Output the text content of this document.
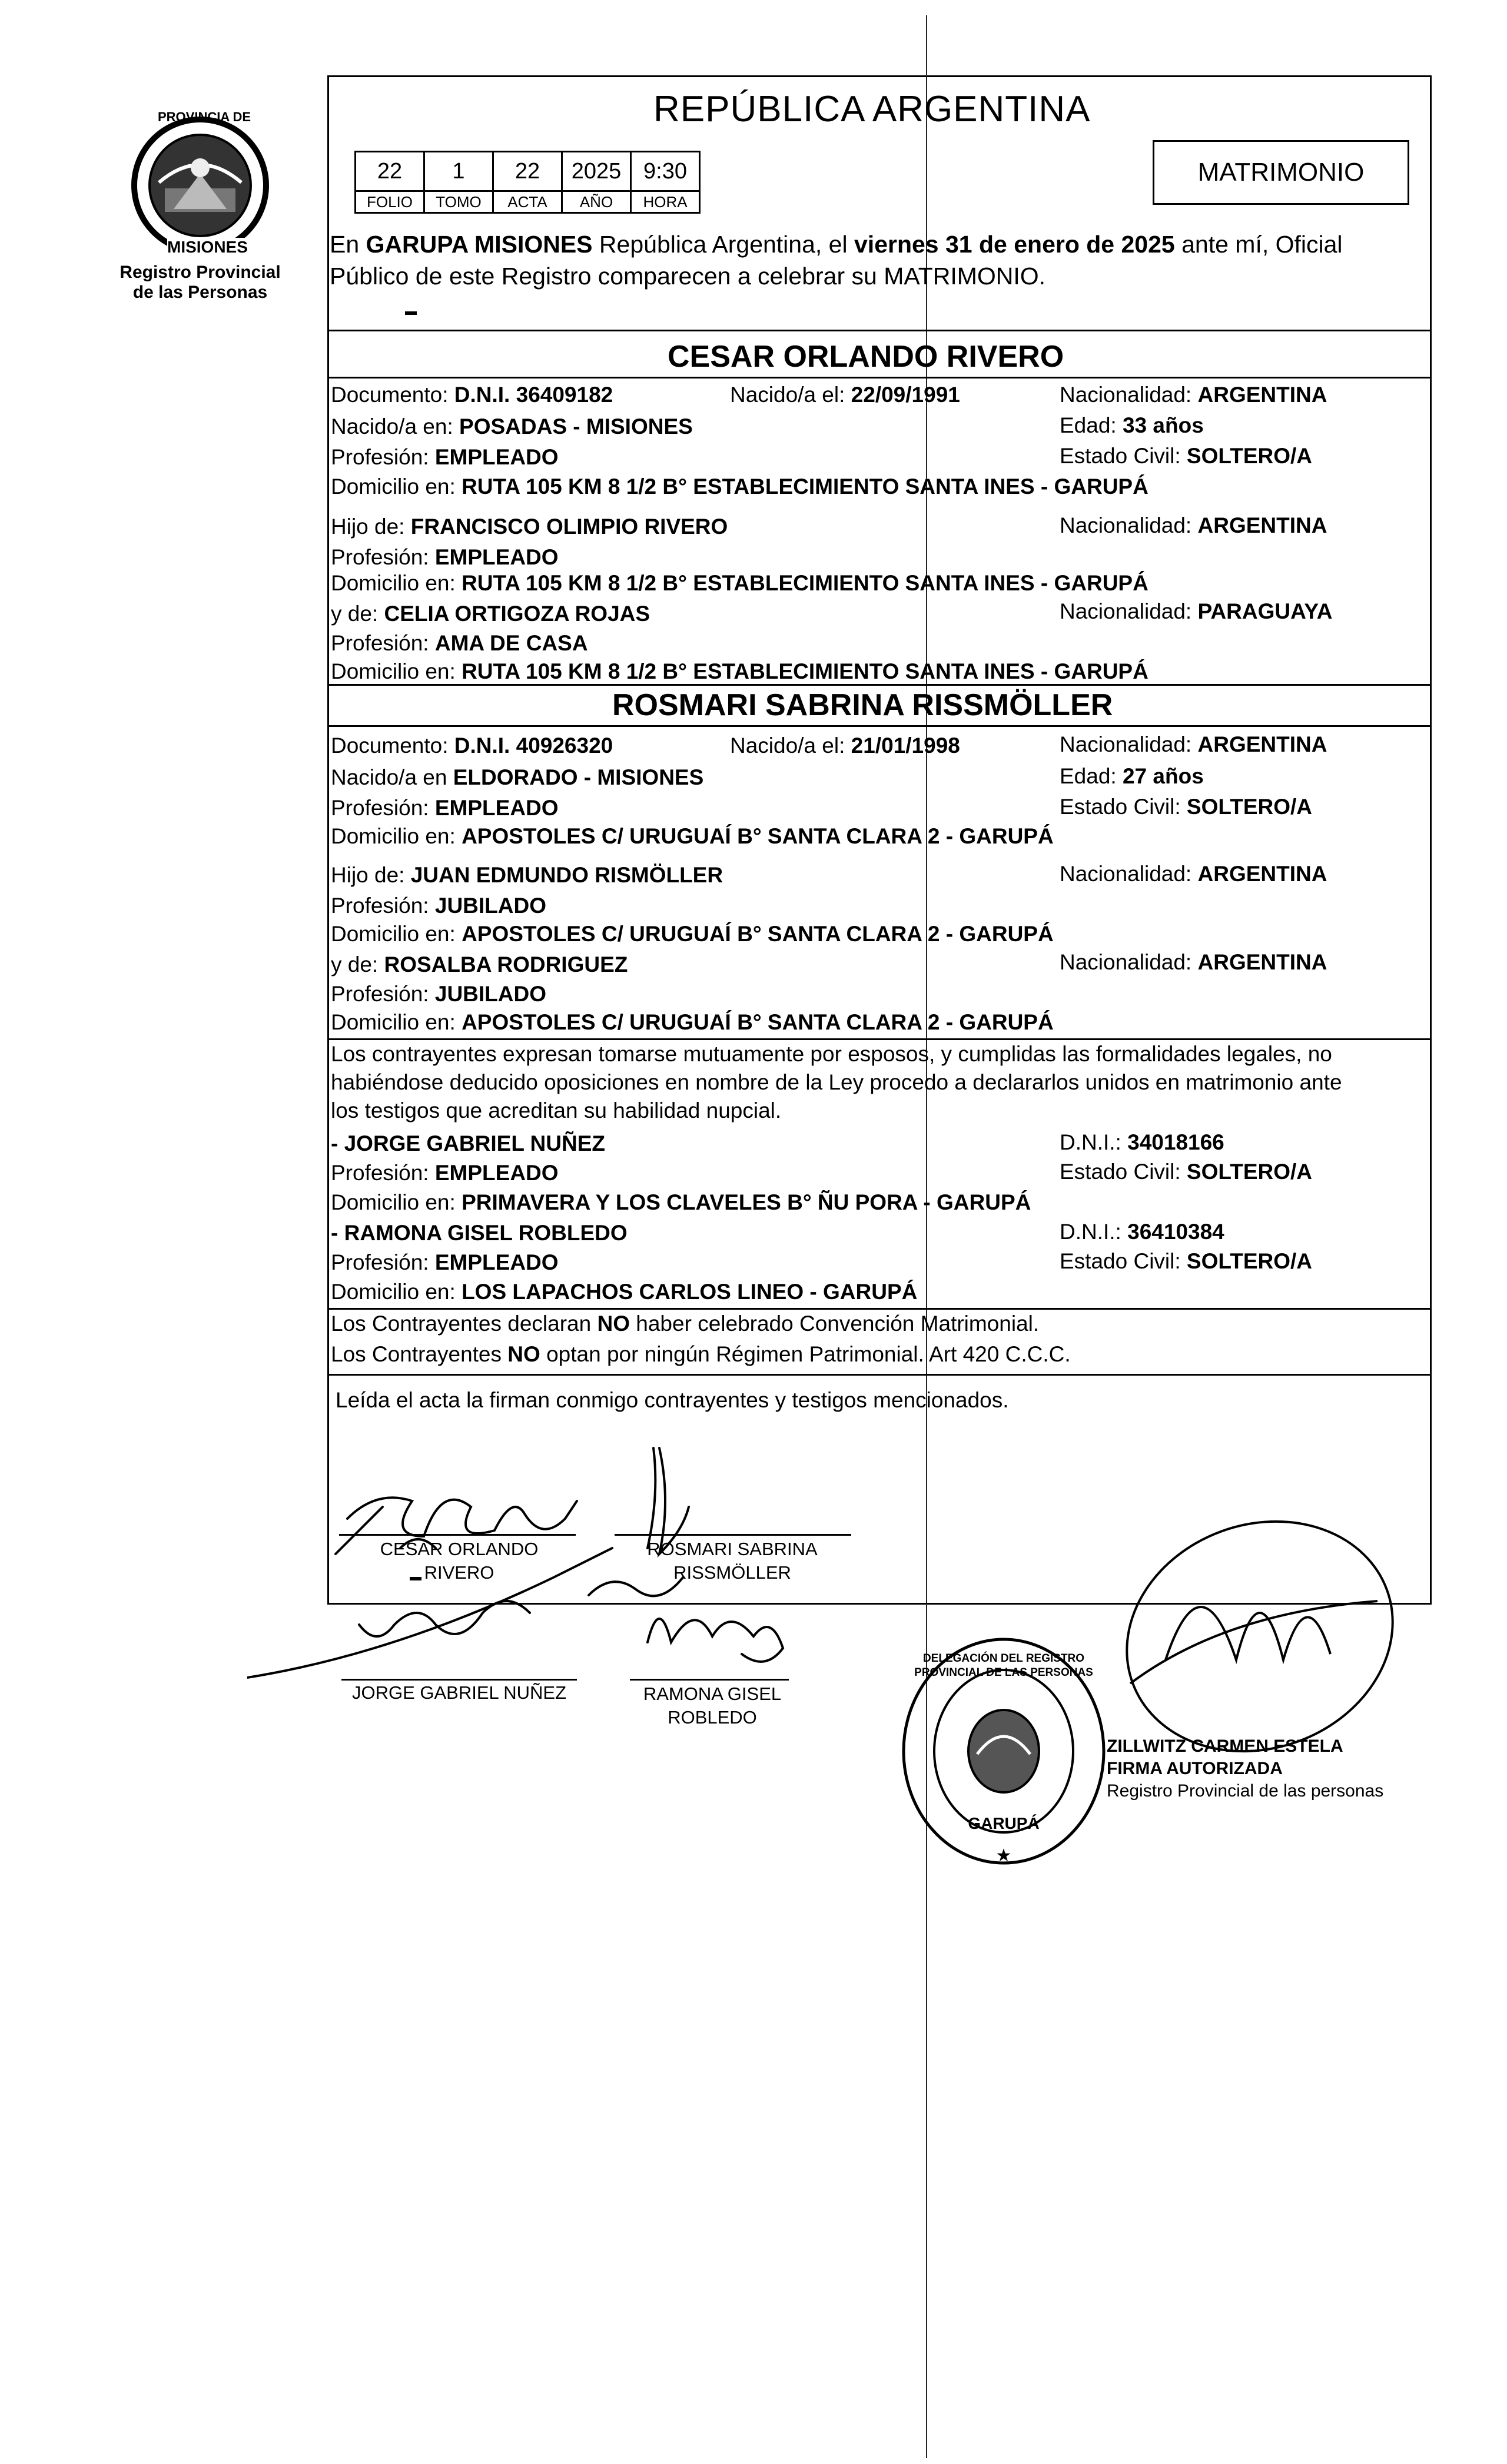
PROVINCIA DE
MISIONES
Registro Provincial
de las Personas
REPÚBLICA ARGENTINA
22	1	22	2025	9:30
FOLIO	TOMO	ACTA	AÑO	HORA
MATRIMONIO
En GARUPA MISIONES República Argentina, el viernes 31 de enero de 2025 ante mí, Oficial
Público de este Registro comparecen a celebrar su MATRIMONIO.
▬
CESAR ORLANDO RIVERO
Documento: D.N.I. 36409182	Nacido/a el: 22/09/1991	Nacionalidad: ARGENTINA
Nacido/a en: POSADAS - MISIONES	Edad: 33 años
Profesión: EMPLEADO	Estado Civil: SOLTERO/A
Domicilio en: RUTA 105 KM 8 1/2 B° ESTABLECIMIENTO SANTA INES - GARUPÁ
Hijo de: FRANCISCO OLIMPIO RIVERO	Nacionalidad: ARGENTINA
Profesión: EMPLEADO
Domicilio en: RUTA 105 KM 8 1/2 B° ESTABLECIMIENTO SANTA INES - GARUPÁ
y de: CELIA ORTIGOZA ROJAS	Nacionalidad: PARAGUAYA
Profesión: AMA DE CASA
Domicilio en: RUTA 105 KM 8 1/2 B° ESTABLECIMIENTO SANTA INES - GARUPÁ
ROSMARI SABRINA RISSMÖLLER
Documento: D.N.I. 40926320	Nacido/a el: 21/01/1998	Nacionalidad: ARGENTINA
Nacido/a en ELDORADO - MISIONES	Edad: 27 años
Profesión: EMPLEADO	Estado Civil: SOLTERO/A
Domicilio en: APOSTOLES C/ URUGUAÍ B° SANTA CLARA 2 - GARUPÁ
Hijo de: JUAN EDMUNDO RISMÖLLER	Nacionalidad: ARGENTINA
Profesión: JUBILADO
Domicilio en: APOSTOLES C/ URUGUAÍ B° SANTA CLARA 2 - GARUPÁ
y de: ROSALBA RODRIGUEZ	Nacionalidad: ARGENTINA
Profesión: JUBILADO
Domicilio en: APOSTOLES C/ URUGUAÍ B° SANTA CLARA 2 - GARUPÁ
Los contrayentes expresan tomarse mutuamente por esposos, y cumplidas las formalidades legales, no
habiéndose deducido oposiciones en nombre de la Ley procedo a declararlos unidos en matrimonio ante
los testigos que acreditan su habilidad nupcial.
- JORGE GABRIEL NUÑEZ	D.N.I.: 34018166
Profesión: EMPLEADO	Estado Civil: SOLTERO/A
Domicilio en: PRIMAVERA Y LOS CLAVELES B° ÑU PORA - GARUPÁ
- RAMONA GISEL ROBLEDO	D.N.I.: 36410384
Profesión: EMPLEADO	Estado Civil: SOLTERO/A
Domicilio en: LOS LAPACHOS CARLOS LINEO - GARUPÁ
Los Contrayentes declaran NO haber celebrado Convención Matrimonial.
Los Contrayentes NO optan por ningún Régimen Patrimonial. Art 420 C.C.C.
Leída el acta la firman conmigo contrayentes y testigos mencionados.
CESAR ORLANDO
RIVERO
ROSMARI SABRINA
RISSMÖLLER
JORGE GABRIEL NUÑEZ	RAMONA GISEL
ROBLEDO
★
DELEGACIÓN DEL REGISTRO PROVINCIAL DE LAS PERSONAS
GARUPÁ
ZILLWITZ CARMEN ESTELA
FIRMA AUTORIZADA
Registro Provincial de las personas
▬
